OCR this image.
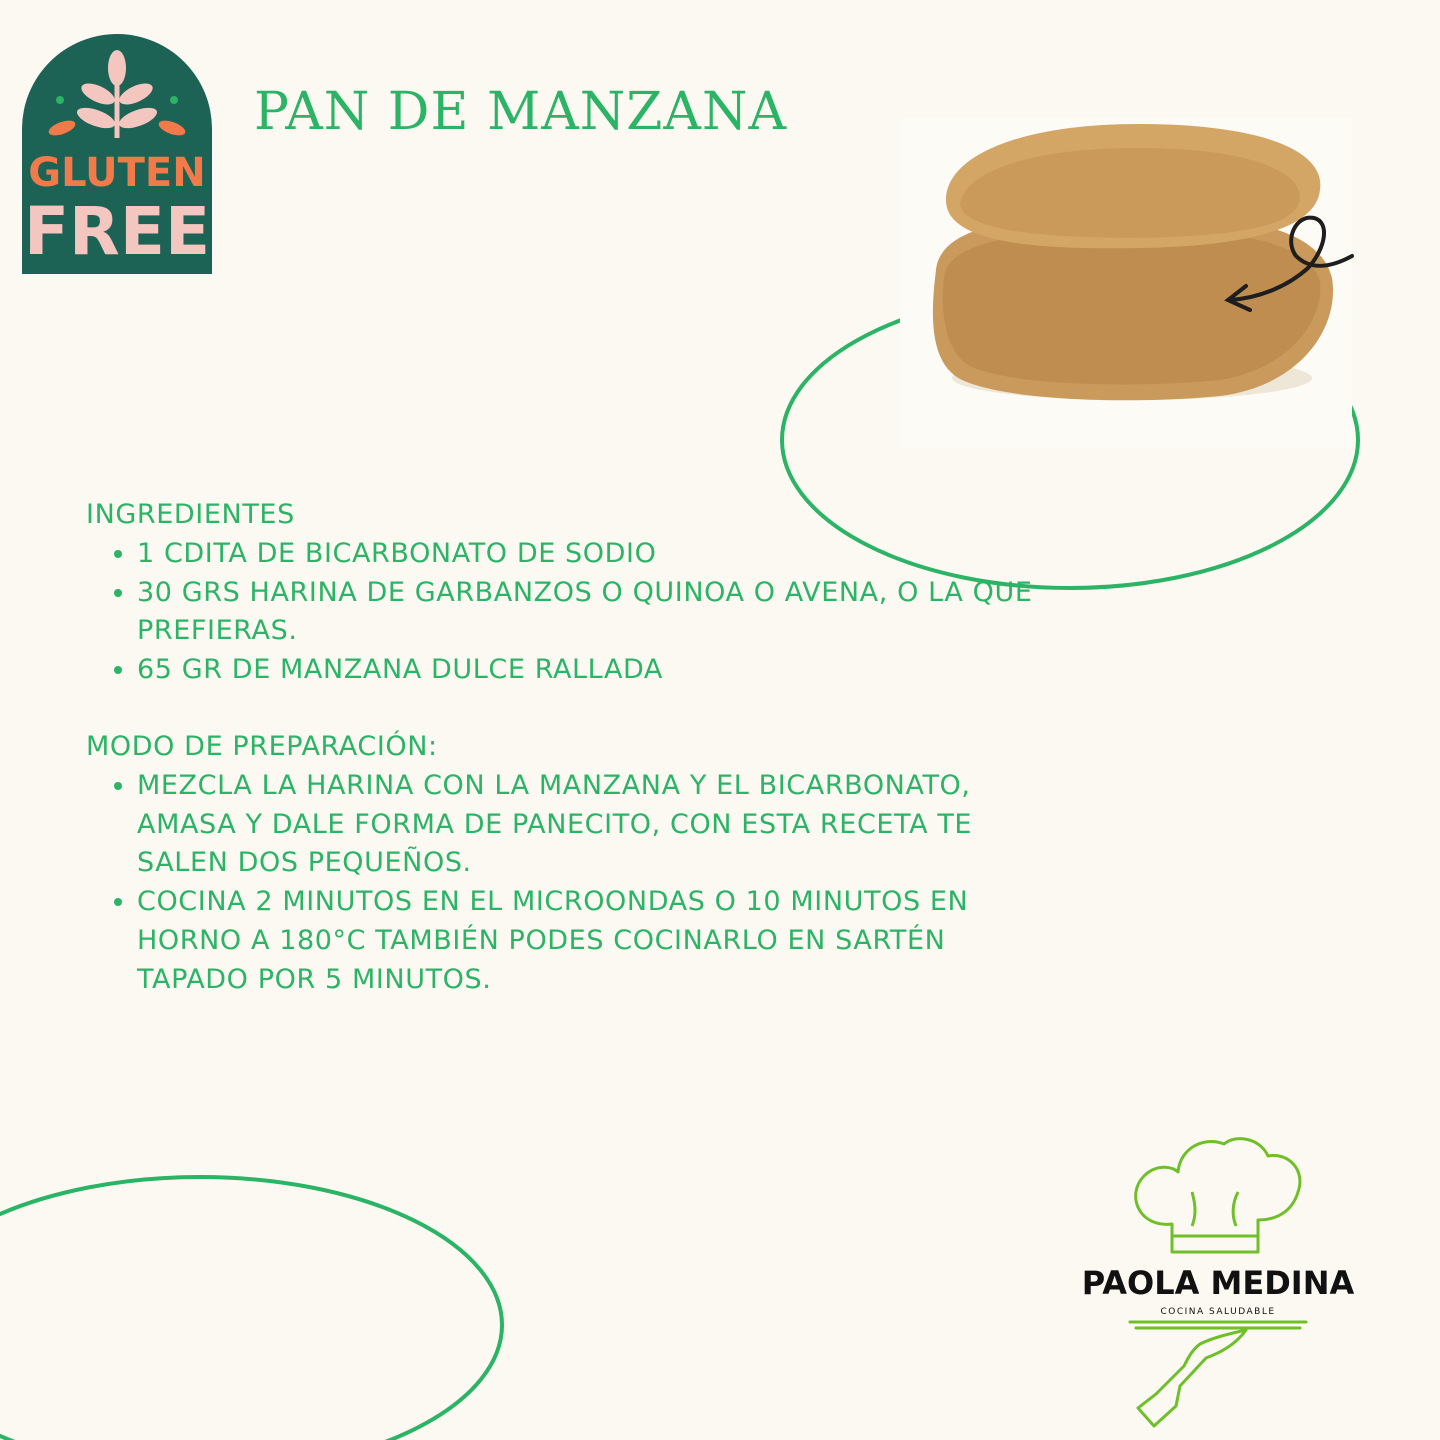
GLUTEN
FREE
PAN DE MANZANA

INGREDIENTES

• 1 CDITA DE BICARBONATO DE SODIO
• 30 GRS HARINA DE GARBANZOS O QUINOA O AVENA, O LA QUE PREFIERAS.
• 65 GR DE MANZANA DULCE RALLADA

MODO DE PREPARACIÓN:

• MEZCLA LA HARINA CON LA MANZANA Y EL BICARBONATO, AMASA Y DALE FORMA DE PANECITO, CON ESTA RECETA TE SALEN DOS PEQUEÑOS.
• COCINA 2 MINUTOS EN EL MICROONDAS O 10 MINUTOS EN HORNO A 180°C TAMBIÉN PODES COCINARLO EN SARTÉN TAPADO POR 5 MINUTOS.
PAOLA MEDINA
COCINA SALUDABLE
